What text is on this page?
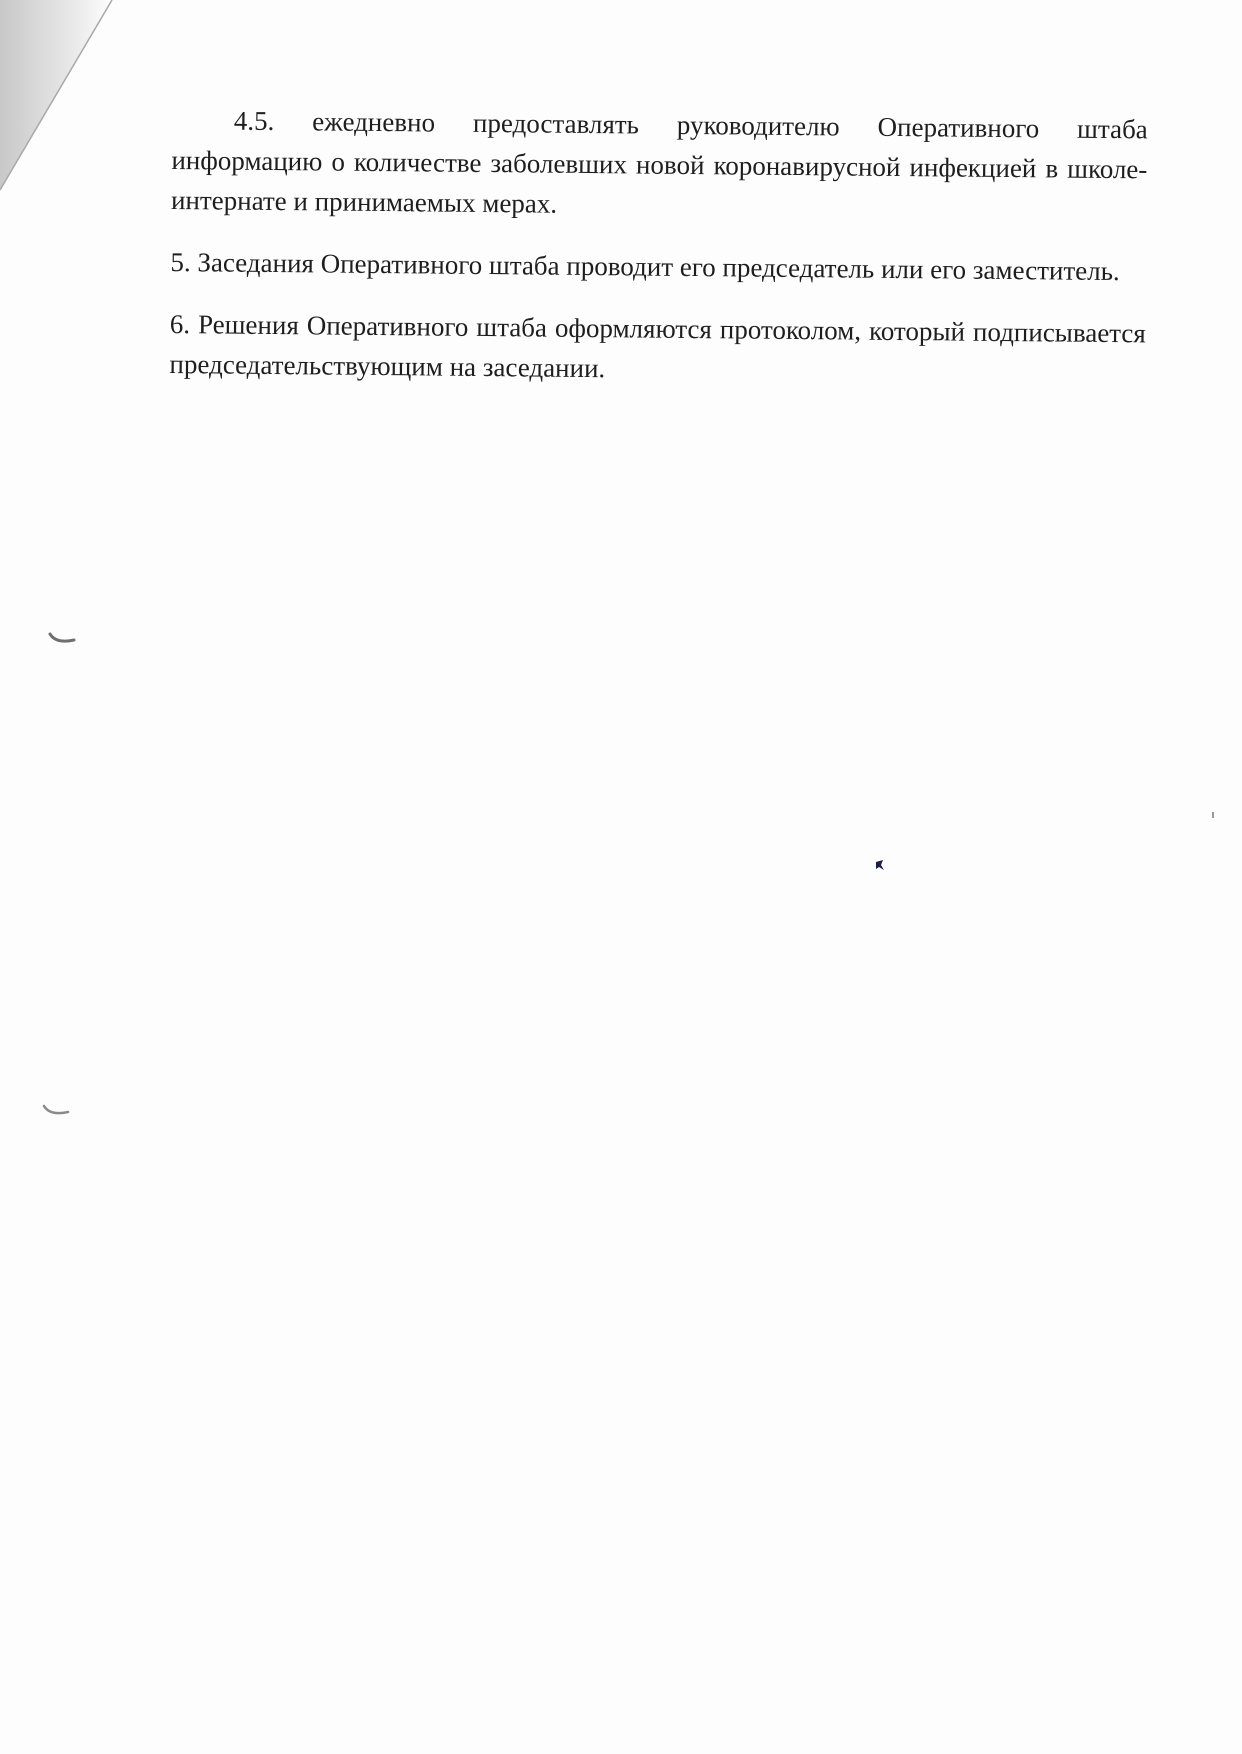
4.5. ежедневно предоставлять руководителю Оперативного штаба информацию о количестве заболевших новой коронавирусной инфекцией в школе-интернате и принимаемых мерах.

5. Заседания Оперативного штаба проводит его председатель или его заместитель.

6. Решения Оперативного штаба оформляются протоколом, который подписывается председательствующим на заседании.
